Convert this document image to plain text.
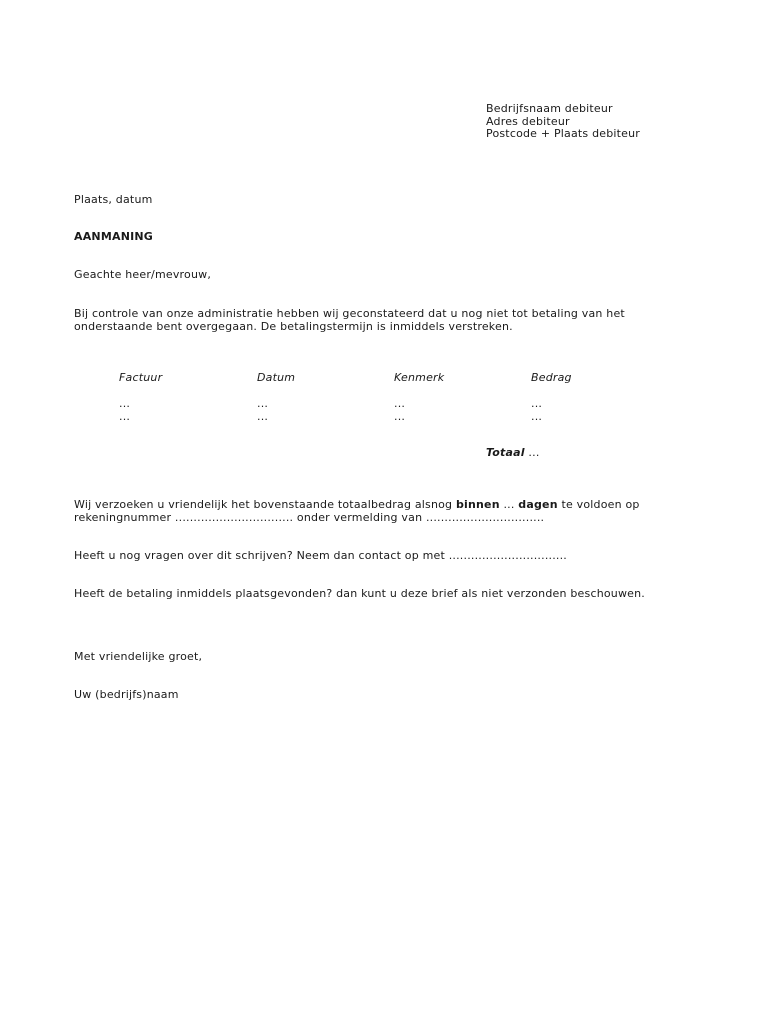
Bedrijfsnaam debiteur
Adres debiteur
Postcode + Plaats debiteur
Plaats, datum
AANMANING
Geachte heer/mevrouw,
Bij controle van onze administratie hebben wij geconstateerd dat u nog niet tot betaling van het
onderstaande bent overgegaan. De betalingstermijn is inmiddels verstreken.
Factuur	Datum	Kenmerk	Bedrag
...	...	...	...
...	...	...	...
Totaal ...
Wij verzoeken u vriendelijk het bovenstaande totaalbedrag alsnog binnen ... dagen te voldoen op
rekeningnummer ................................ onder vermelding van ................................
Heeft u nog vragen over dit schrijven? Neem dan contact op met ................................
Heeft de betaling inmiddels plaatsgevonden? dan kunt u deze brief als niet verzonden beschouwen.
Met vriendelijke groet,
Uw (bedrijfs)naam
